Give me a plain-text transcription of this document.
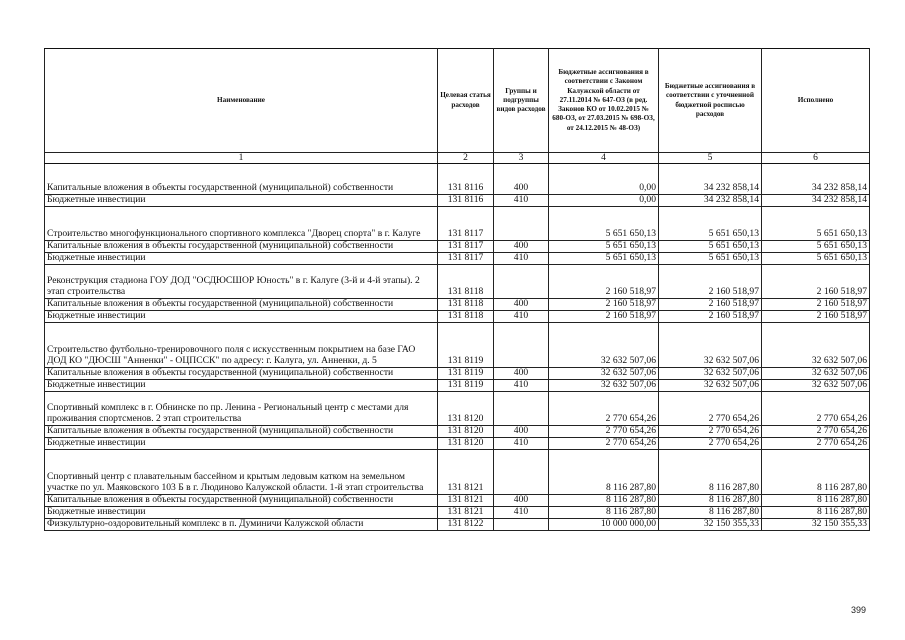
Наименование	Целевая статья расходов	Группы и подгруппы видов расходов	Бюджетные ассигнования в соответствии с Законом Калужской области от 27.11.2014 № 647-ОЗ (в ред. Законов КО от 10.02.2015 № 680-ОЗ, от 27.03.2015 № 698-ОЗ, от 24.12.2015 № 48-ОЗ)	Бюджетные ассигнования в соответствии с уточненной бюджетной росписью расходов	Исполнено
1	2	3	4	5	6

Капитальные вложения в объекты государственной (муниципальной) собственности	131 8116	400	0,00	34 232 858,14	34 232 858,14
Бюджетные инвестиции	131 8116	410	0,00	34 232 858,14	34 232 858,14
Строительство многофункционального спортивного комплекса "Дворец спорта" в г. Калуге	131 8117		5 651 650,13	5 651 650,13	5 651 650,13
Капитальные вложения в объекты государственной (муниципальной) собственности	131 8117	400	5 651 650,13	5 651 650,13	5 651 650,13
Бюджетные инвестиции	131 8117	410	5 651 650,13	5 651 650,13	5 651 650,13
Реконструкция стадиона ГОУ ДОД "ОСДЮСШОР Юность" в г. Калуге (3-й и 4-й этапы). 2 этап строительства	131 8118		2 160 518,97	2 160 518,97	2 160 518,97
Капитальные вложения в объекты государственной (муниципальной) собственности	131 8118	400	2 160 518,97	2 160 518,97	2 160 518,97
Бюджетные инвестиции	131 8118	410	2 160 518,97	2 160 518,97	2 160 518,97
Строительство футбольно-тренировочного поля с искусственным покрытием на базе ГАО ДОД КО "ДЮСШ "Анненки" - ОЦПССК" по адресу: г. Калуга, ул. Анненки, д. 5	131 8119		32 632 507,06	32 632 507,06	32 632 507,06
Капитальные вложения в объекты государственной (муниципальной) собственности	131 8119	400	32 632 507,06	32 632 507,06	32 632 507,06
Бюджетные инвестиции	131 8119	410	32 632 507,06	32 632 507,06	32 632 507,06
Спортивный комплекс в г. Обнинске по пр. Ленина - Региональный центр с местами для проживания спортсменов. 2 этап строительства	131 8120		2 770 654,26	2 770 654,26	2 770 654,26
Капитальные вложения в объекты государственной (муниципальной) собственности	131 8120	400	2 770 654,26	2 770 654,26	2 770 654,26
Бюджетные инвестиции	131 8120	410	2 770 654,26	2 770 654,26	2 770 654,26
Спортивный центр с плавательным бассейном и крытым ледовым катком на земельном участке по ул. Маяковского 103 Б в г. Людиново Калужской области. 1-й этап строительства	131 8121		8 116 287,80	8 116 287,80	8 116 287,80
Капитальные вложения в объекты государственной (муниципальной) собственности	131 8121	400	8 116 287,80	8 116 287,80	8 116 287,80
Бюджетные инвестиции	131 8121	410	8 116 287,80	8 116 287,80	8 116 287,80
Физкультурно-оздоровительный комплекс в п. Думиничи Калужской области	131 8122		10 000 000,00	32 150 355,33	32 150 355,33
399
